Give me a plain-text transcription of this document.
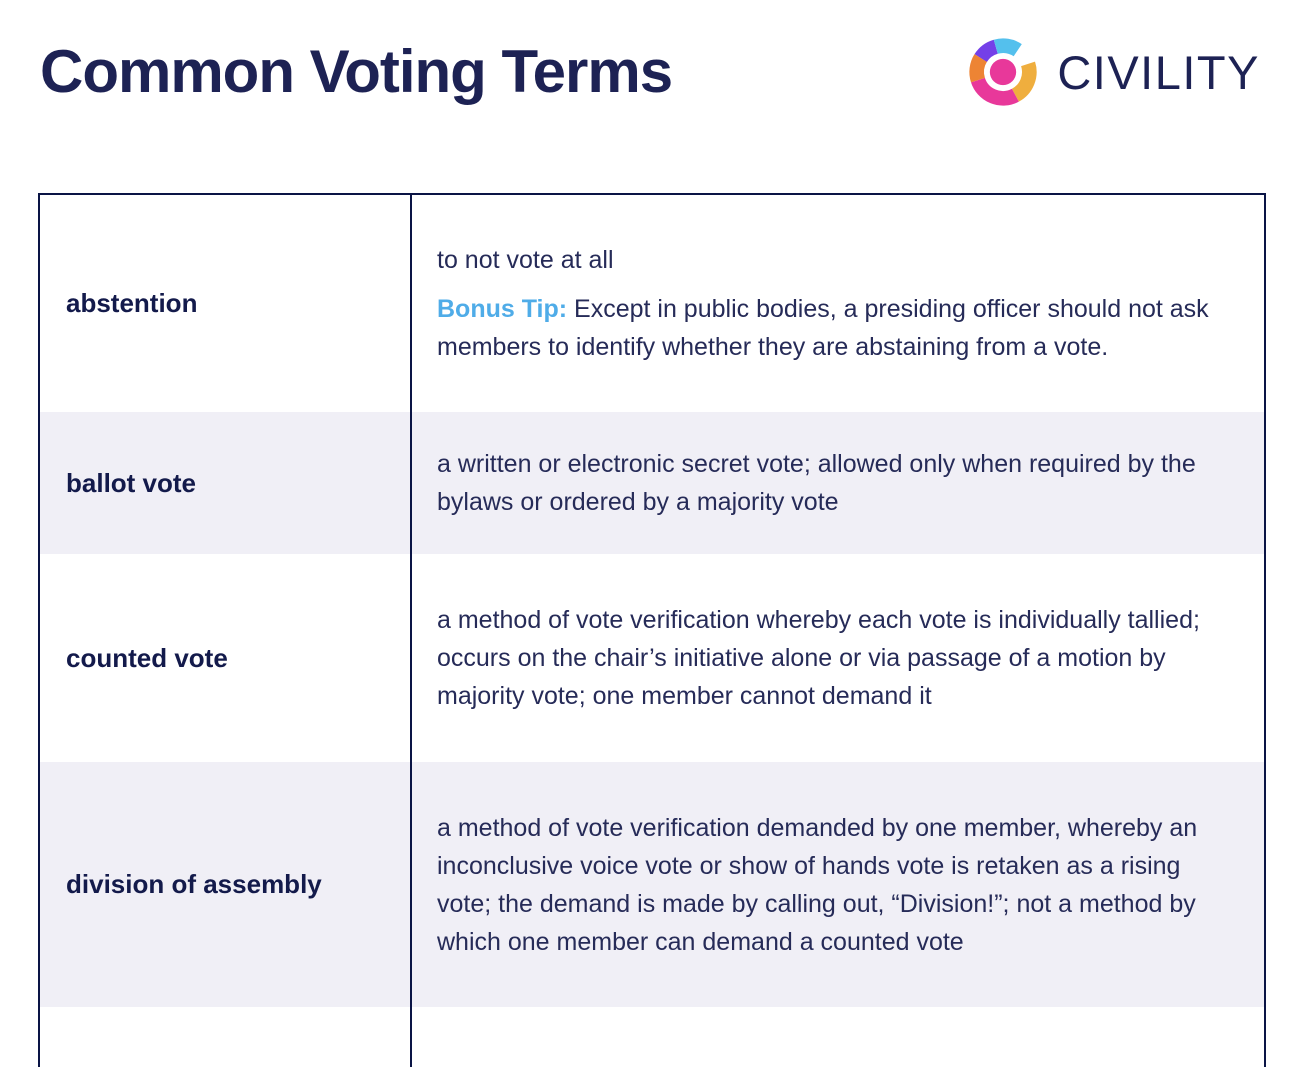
Common Voting Terms	CIVILITY
abstention

to not vote at all

Bonus Tip: Except in public bodies, a presiding officer should not ask members to identify whether they are abstaining from a vote.

ballot vote

a written or electronic secret vote; allowed only when required by the bylaws or ordered by a majority vote

counted vote

a method of vote verification whereby each vote is individually tallied; occurs on the chair’s initiative alone or via passage of a motion by majority vote; one member cannot demand it

division of assembly

a method of vote verification demanded by one member, whereby an inconclusive voice vote or show of hands vote is retaken as a rising vote; the demand is made by calling out, “Division!”; not a method by which one member can demand a counted vote
